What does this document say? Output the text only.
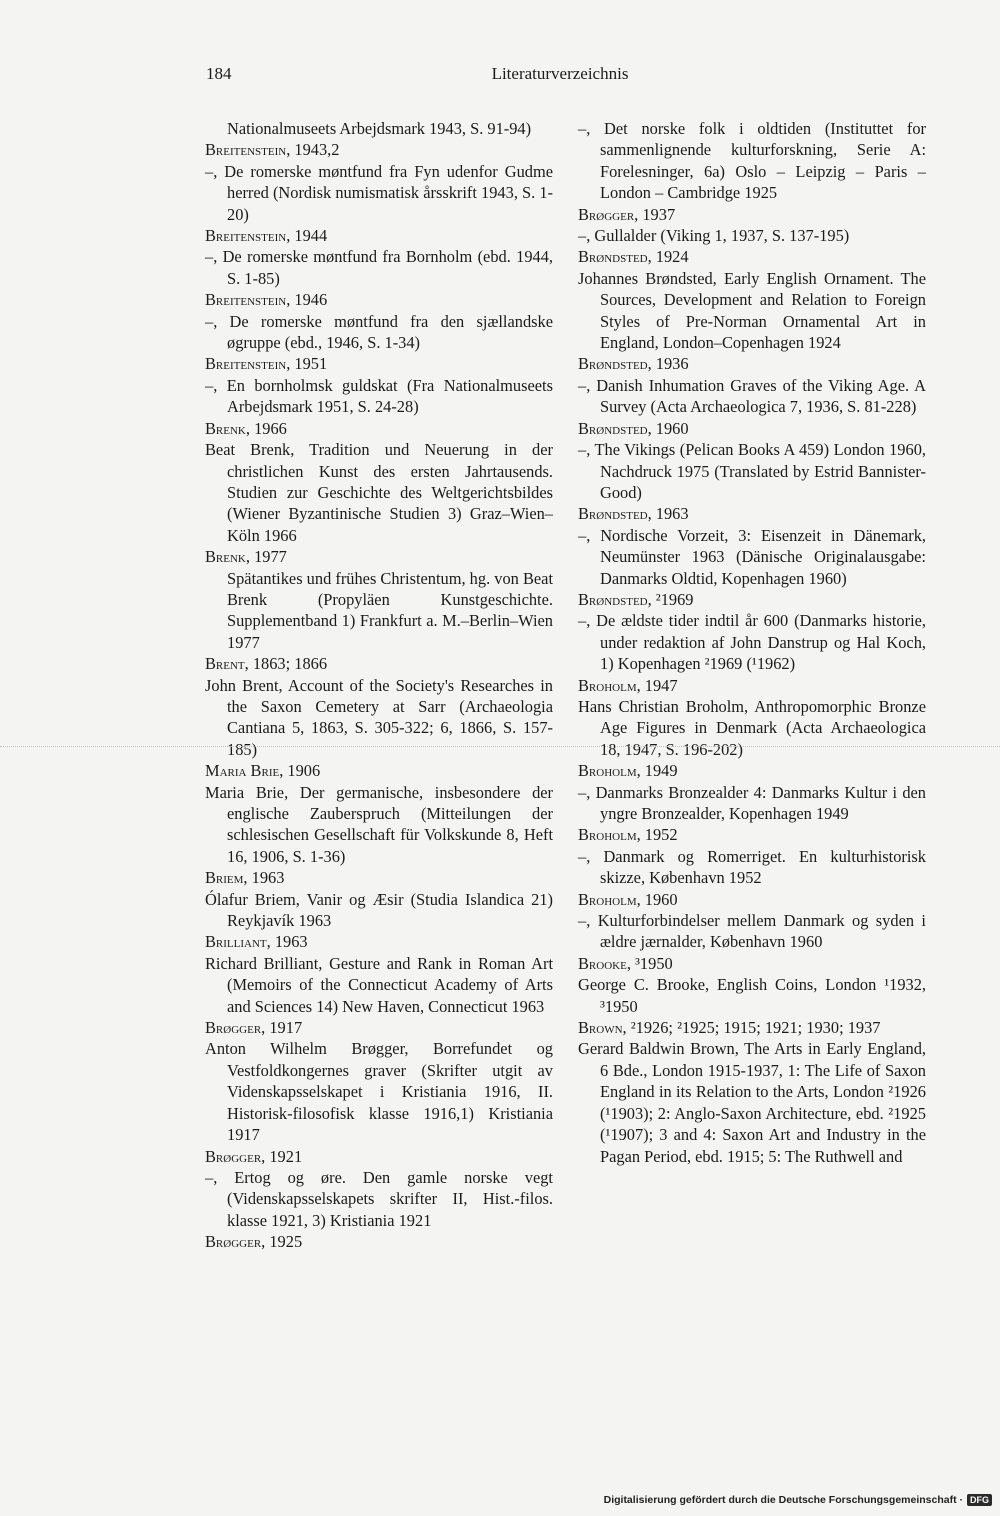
184	Literaturverzeichnis

Nationalmuseets Arbejdsmark 1943, S. 91-94)

Breitenstein, 1943,2

–, De romerske møntfund fra Fyn udenfor Gudme herred (Nordisk numismatisk årsskrift 1943, S. 1-20)

Breitenstein, 1944

–, De romerske møntfund fra Bornholm (ebd. 1944, S. 1-85)

Breitenstein, 1946

–, De romerske møntfund fra den sjællandske øgruppe (ebd., 1946, S. 1-34)

Breitenstein, 1951

–, En bornholmsk guldskat (Fra Nationalmuseets Arbejdsmark 1951, S. 24-28)

Brenk, 1966

Beat Brenk, Tradition und Neuerung in der christlichen Kunst des ersten Jahrtausends. Studien zur Geschichte des Weltgerichtsbildes (Wiener Byzantinische Studien 3) Graz–Wien–Köln 1966

Brenk, 1977

Spätantikes und frühes Christentum, hg. von Beat Brenk (Propyläen Kunstgeschichte. Supplementband 1) Frankfurt a. M.–Berlin–Wien 1977

Brent, 1863; 1866

John Brent, Account of the Society's Researches in the Saxon Cemetery at Sarr (Archaeologia Cantiana 5, 1863, S. 305-322; 6, 1866, S. 157-185)

Maria Brie, 1906

Maria Brie, Der germanische, insbesondere der englische Zauberspruch (Mitteilungen der schlesischen Gesellschaft für Volkskunde 8, Heft 16, 1906, S. 1-36)

Briem, 1963

Ólafur Briem, Vanir og Æsir (Studia Islandica 21) Reykjavík 1963

Brilliant, 1963

Richard Brilliant, Gesture and Rank in Roman Art (Memoirs of the Connecticut Academy of Arts and Sciences 14) New Haven, Connecticut 1963

Brøgger, 1917

Anton Wilhelm Brøgger, Borrefundet og Vestfoldkongernes graver (Skrifter utgit av Videnskapsselskapet i Kristiania 1916, II. Historisk-filosofisk klasse 1916,1) Kristiania 1917

Brøgger, 1921

–, Ertog og øre. Den gamle norske vegt (Videnskapsselskapets skrifter II, Hist.-filos. klasse 1921, 3) Kristiania 1921

Brøgger, 1925

–, Det norske folk i oldtiden (Instituttet for sammenlignende kulturforskning, Serie A: Forelesninger, 6a) Oslo – Leipzig – Paris – London – Cambridge 1925

Brøgger, 1937

–, Gullalder (Viking 1, 1937, S. 137-195)

Brøndsted, 1924

Johannes Brøndsted, Early English Ornament. The Sources, Development and Relation to Foreign Styles of Pre-Norman Ornamental Art in England, London–Copenhagen 1924

Brøndsted, 1936

–, Danish Inhumation Graves of the Viking Age. A Survey (Acta Archaeologica 7, 1936, S. 81-228)

Brøndsted, 1960

–, The Vikings (Pelican Books A 459) London 1960, Nachdruck 1975 (Translated by Estrid Bannister-Good)

Brøndsted, 1963

–, Nordische Vorzeit, 3: Eisenzeit in Dänemark, Neumünster 1963 (Dänische Originalausgabe: Danmarks Oldtid, Kopenhagen 1960)

Brøndsted, ²1969

–, De ældste tider indtil år 600 (Danmarks historie, under redaktion af John Danstrup og Hal Koch, 1) Kopenhagen ²1969 (¹1962)

Broholm, 1947

Hans Christian Broholm, Anthropomorphic Bronze Age Figures in Denmark (Acta Archaeologica 18, 1947, S. 196-202)

Broholm, 1949

–, Danmarks Bronzealder 4: Danmarks Kultur i den yngre Bronzealder, Kopenhagen 1949

Broholm, 1952

–, Danmark og Romerriget. En kulturhistorisk skizze, København 1952

Broholm, 1960

–, Kulturforbindelser mellem Danmark og syden i ældre jærnalder, København 1960

Brooke, ³1950

George C. Brooke, English Coins, London ¹1932, ³1950

Brown, ²1926; ²1925; 1915; 1921; 1930; 1937

Gerard Baldwin Brown, The Arts in Early England, 6 Bde., London 1915-1937, 1: The Life of Saxon England in its Relation to the Arts, London ²1926 (¹1903); 2: Anglo-Saxon Architecture, ebd. ²1925 (¹1907); 3 and 4: Saxon Art and Industry in the Pagan Period, ebd. 1915; 5: The Ruthwell and

Digitalisierung gefördert durch die Deutsche Forschungsgemeinschaft · DFG
